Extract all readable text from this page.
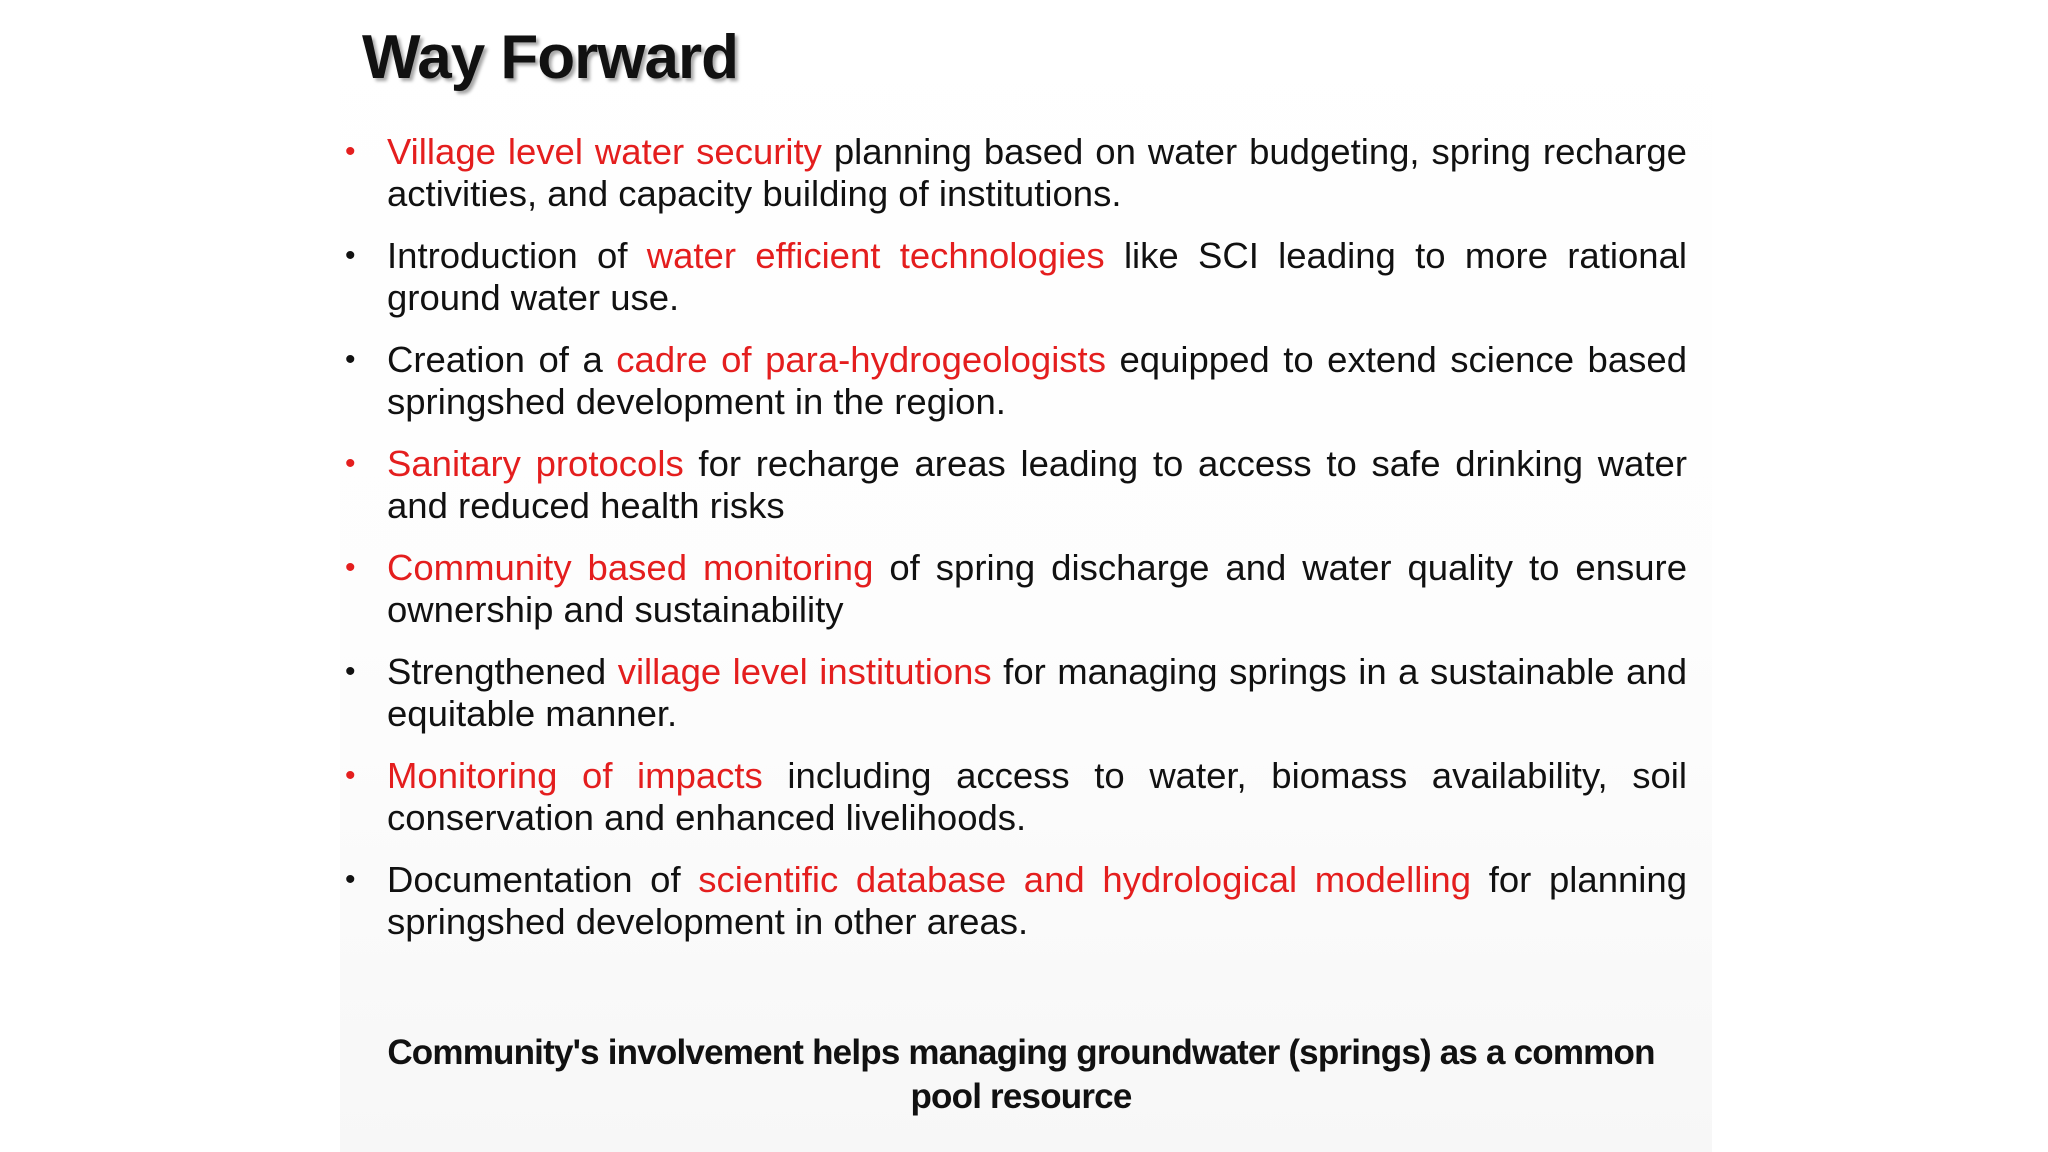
Way Forward
• Village level water security planning based on water budgeting, spring recharge activities, and capacity building of institutions.
• Introduction of water efficient technologies like SCI leading to more rational ground water use.
• Creation of a cadre of para-hydrogeologists equipped to extend science based springshed development in the region.
• Sanitary protocols for recharge areas leading to access to safe drinking water and reduced health risks
• Community based monitoring of spring discharge and water quality to ensure ownership and sustainability
• Strengthened village level institutions for managing springs in a sustainable and equitable manner.
• Monitoring of impacts including access to water, biomass availability, soil conservation and enhanced livelihoods.
• Documentation of scientific database and hydrological modelling for planning springshed development in other areas.
Community's involvement helps managing groundwater (springs) as a common
pool resource
